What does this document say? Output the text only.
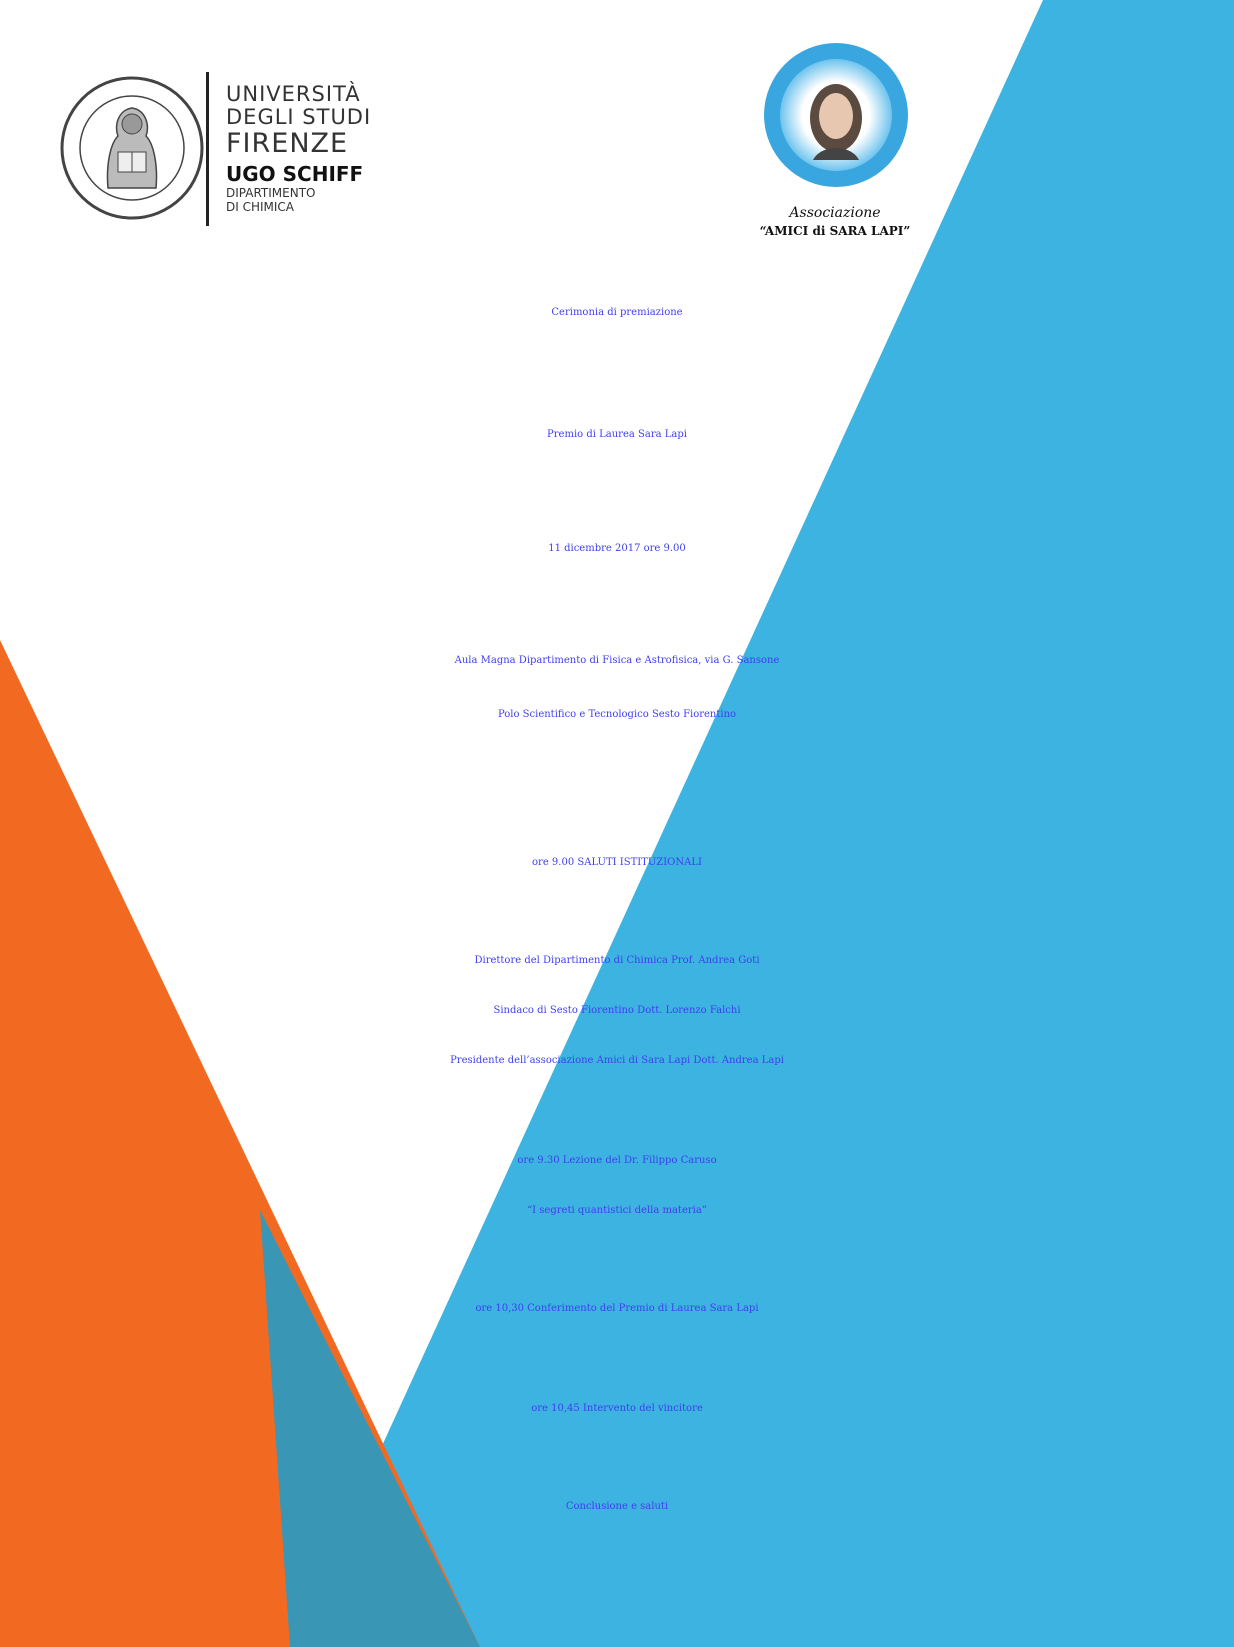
UNIVERSITÀ

DEGLI STUDI

FIRENZE

UGO SCHIFF

DIPARTIMENTO

DI CHIMICA	Associazione

“AMICI di SARA LAPI”

Cerimonia di premiazione

Premio di Laurea Sara Lapi

11 dicembre 2017 ore 9.00

Aula Magna Dipartimento di Fisica e Astrofisica, via G. Sansone

Polo Scientifico e Tecnologico Sesto Fiorentino

ore 9.00 SALUTI ISTITUZIONALI

Direttore del Dipartimento di Chimica Prof. Andrea Goti

Sindaco di Sesto Fiorentino Dott. Lorenzo Falchi

Presidente dell’associazione Amici di Sara Lapi Dott. Andrea Lapi

ore 9.30 Lezione del Dr. Filippo Caruso

“I segreti quantistici della materia”

ore 10,30 Conferimento del Premio di Laurea Sara Lapi

ore 10,45 Intervento del vincitore

Conclusione e saluti
